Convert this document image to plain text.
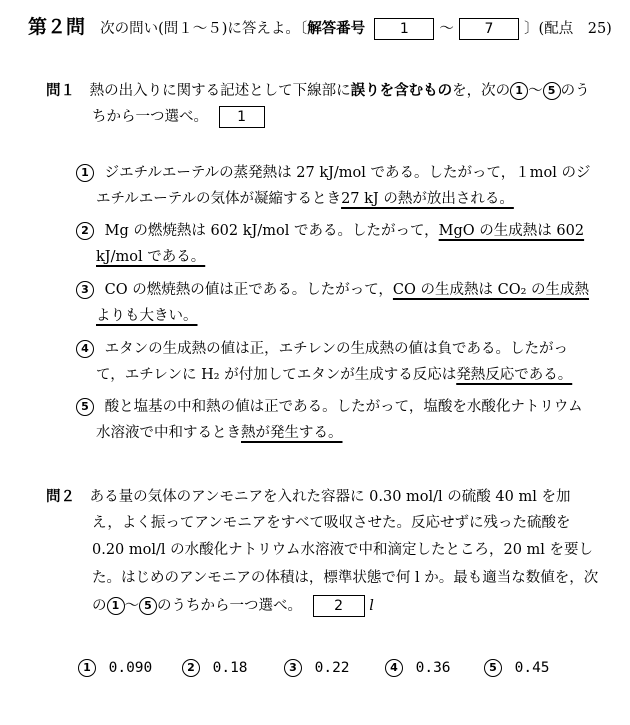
第２問 次の問い(問１～５)に答えよ。〔解答番号 1 ～ 7 〕(配点　25)
問１ 熱の出入りに関する記述として下線部に誤りを含むものを，次の 1 ～ 5 のう
ちから一つ選べ。 1
1 ジエチルエーテルの蒸発熱は 27 kJ/mol である。したがって，１mol のジ
エチルエーテルの気体が凝縮するとき27 kJ の熱が放出される。
2 Mg の燃焼熱は 602 kJ/mol である。したがって，MgO の生成熱は 602
kJ/mol である。
3 CO の燃焼熱の値は正である。したがって，CO の生成熱は CO₂ の生成熱
よりも大きい。
4 エタンの生成熱の値は正，エチレンの生成熱の値は負である。したがっ
て，エチレンに H₂ が付加してエタンが生成する反応は発熱反応である。
5 酸と塩基の中和熱の値は正である。したがって，塩酸を水酸化ナトリウム
水溶液で中和するとき熱が発生する。
問２ ある量の気体のアンモニアを入れた容器に 0.30 mol/l の硫酸 40 ml を加
え，よく振ってアンモニアをすべて吸収させた。反応せずに残った硫酸を
0.20 mol/l の水酸化ナトリウム水溶液で中和滴定したところ，20 ml を要し
た。はじめのアンモニアの体積は，標準状態で何 l か。最も適当な数値を，次
の 1 ～ 5 のうちから一つ選べ。 2 l
1 0.090	2 0.18	3 0.22	4 0.36	5 0.45
